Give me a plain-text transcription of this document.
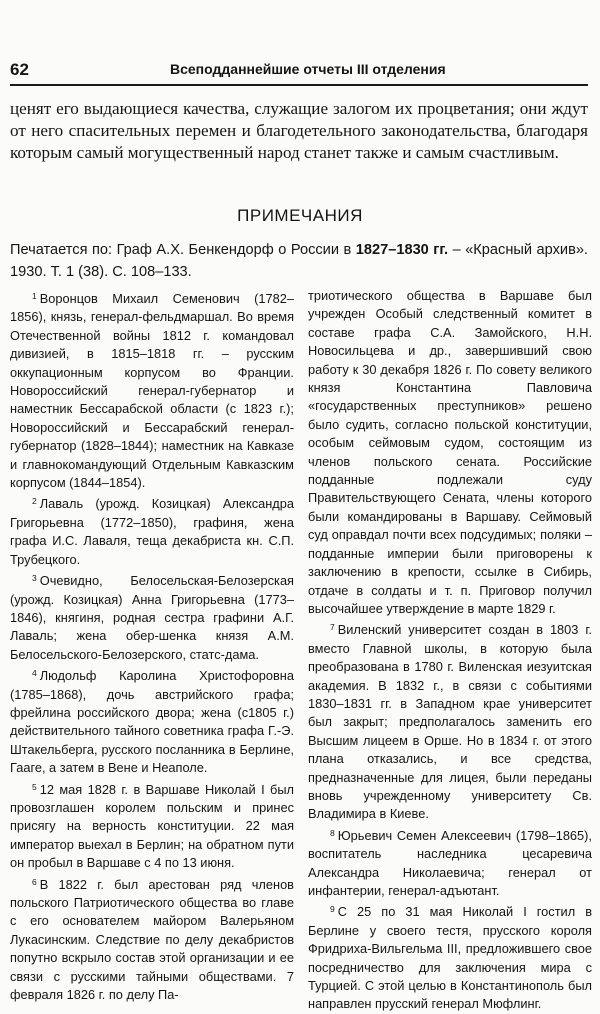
62	Всеподданнейшие отчеты III отделения

ценят его выдающиеся качества, служащие залогом их процветания; они ждут от него спасительных перемен и благодетельного законодательства, благодаря которым самый могущественный народ станет также и самым счастливым.

ПРИМЕЧАНИЯ

Печатается по: Граф А.Х. Бенкендорф о России в 1827–1830 гг. – «Красный архив». 1930. Т. 1 (38). С. 108–133.

$^1$ Воронцов Михаил Семенович (1782–1856), князь, генерал-фельдмаршал. Во время Отечественной войны 1812 г. командовал дивизией, в 1815–1818 гг. – русским оккупационным корпусом во Франции. Новороссийский генерал-губернатор и наместник Бессарабской области (с 1823 г.); Новороссийский и Бессарабский генерал-губернатор (1828–1844); наместник на Кавказе и главнокомандующий Отдельным Кавказским корпусом (1844–1854).

$^2$ Лаваль (урожд. Козицкая) Александра Григорьевна (1772–1850), графиня, жена графа И.С. Лаваля, теща декабриста кн. С.П. Трубецкого.

$^3$ Очевидно, Белосельская-Белозерская (урожд. Козицкая) Анна Григорьевна (1773–1846), княгиня, родная сестра графини А.Г. Лаваль; жена обер-шенка князя А.М. Белосельского-Белозерского, статс-дама.

$^4$ Людольф Каролина Христофоровна (1785–1868), дочь австрийского графа; фрейлина российского двора; жена (с1805 г.) действительного тайного советника графа Г.-Э. Штакельберга, русского посланника в Берлине, Гааге, а затем в Вене и Неаполе.

$^5$ 12 мая 1828 г. в Варшаве Николай I был провозглашен королем польским и принес присягу на верность конституции. 22 мая император выехал в Берлин; на обратном пути он пробыл в Варшаве с 4 по 13 июня.

$^6$ В 1822 г. был арестован ряд членов польского Патриотического общества во главе с его основателем майором Валерьяном Лукасинским. Следствие по делу декабристов попутно вскрыло состав этой организации и ее связи с русскими тайными обществами. 7 февраля 1826 г. по делу Па-

триотического общества в Варшаве был учрежден Особый следственный комитет в составе графа С.А. Замойского, Н.Н. Новосильцева и др., завершивший свою работу к 30 декабря 1826 г. По совету великого князя Константина Павловича «государственных преступников» решено было судить, согласно польской конституции, особым сеймовым судом, состоящим из членов польского сената. Российские подданные подлежали суду Правительствующего Сената, члены которого были командированы в Варшаву. Сеймовый суд оправдал почти всех подсудимых; поляки – подданные империи были приговорены к заключению в крепости, ссылке в Сибирь, отдаче в солдаты и т. п. Приговор получил высочайшее утверждение в марте 1829 г.

$^7$ Виленский университет создан в 1803 г. вместо Главной школы, в которую была преобразована в 1780 г. Виленская иезуитская академия. В 1832 г., в связи с событиями 1830–1831 гг. в Западном крае университет был закрыт; предполагалось заменить его Высшим лицеем в Орше. Но в 1834 г. от этого плана отказались, и все средства, предназначенные для лицея, были переданы вновь учрежденному университету Св. Владимира в Киеве.

$^8$ Юрьевич Семен Алексеевич (1798–1865), воспитатель наследника цесаревича Александра Николаевича; генерал от инфантерии, генерал-адъютант.

$^9$ С 25 по 31 мая Николай I гостил в Берлине у своего тестя, прусского короля Фридриха-Вильгельма III, предложившего свое посредничество для заключения мира с Турцией. С этой целью в Константинополь был направлен прусский генерал Мюфлинг.
